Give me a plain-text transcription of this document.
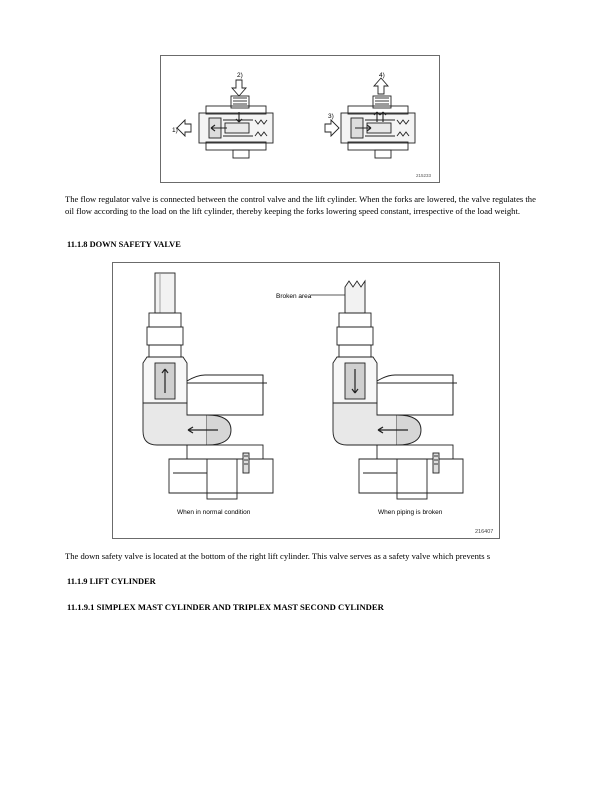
1)
2)
3)
4)
215233

The flow regulator valve is connected between the control valve and the lift cylinder. When the forks are lowered, the valve regulates the oil flow according to the load on the lift cylinder, thereby keeping the forks lowering speed constant, irrespective of the load weight.

11.1.8 DOWN SAFETY VALVE

Broken area
When in normal condition	When piping is broken
216407

The down safety valve is located at the bottom of the right lift cylinder. This valve serves as a safety valve which prevents s

11.1.9 LIFT CYLINDER

11.1.9.1 SIMPLEX MAST CYLINDER AND TRIPLEX MAST SECOND CYLINDER
